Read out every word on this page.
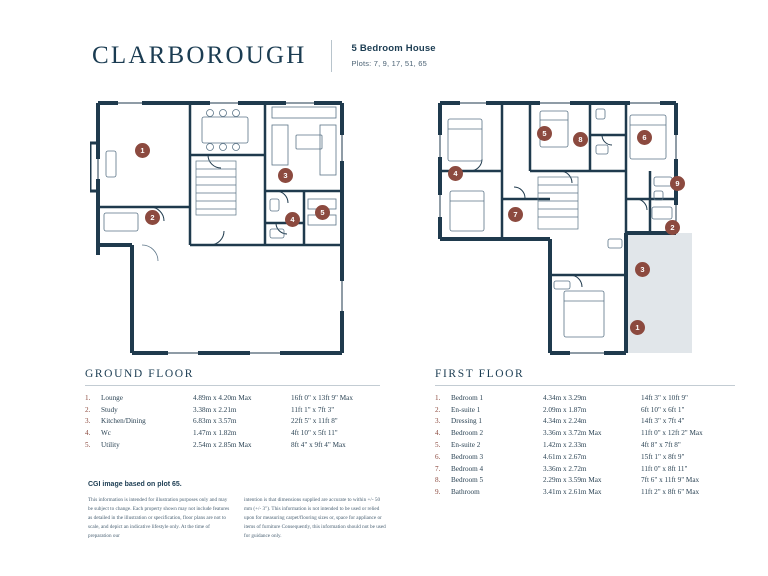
CLARBOROUGH	5 Bedroom House
Plots: 7, 9, 17, 51, 65
1
2
3
4
5
5
8	6
4
9
7
2
3
1
GROUND FLOOR
1.	Lounge	4.89m x 4.20m Max	16ft 0" x 13ft 9" Max
2.	Study	3.38m x 2.21m	11ft 1" x 7ft 3"
3.	Kitchen/Dining	6.83m x 3.57m	22ft 5" x 11ft 8"
4.	Wc	1.47m x 1.82m	4ft 10" x 5ft 11"
5.	Utility	2.54m x 2.85m Max	8ft 4" x 9ft 4" Max
FIRST FLOOR
1.	Bedroom 1	4.34m x 3.29m	14ft 3" x 10ft 9"
2.	En-suite 1	2.09m x 1.87m	6ft 10" x 6ft 1"
3.	Dressing 1	4.34m x 2.24m	14ft 3" x 7ft 4"
4.	Bedroom 2	3.36m x 3.72m Max	11ft 0" x 12ft 2" Max
5.	En-suite 2	1.42m x 2.33m	4ft 8" x 7ft 8"
6.	Bedroom 3	4.61m x 2.67m	15ft 1" x 8ft 9"
7.	Bedroom 4	3.36m x 2.72m	11ft 0" x 8ft 11"
8.	Bedroom 5	2.29m x 3.59m Max	7ft 6" x 11ft 9" Max
9.	Bathroom	3.41m x 2.61m Max	11ft 2" x 8ft 6" Max
CGI image based on plot 65.

This information is intended for illustration purposes only and may be subject to change. Each property shown may not include features as detailed in the illustration or specification, floor plans are not to scale, and depict an indicative lifestyle only. At the time of preparation our

intention is that dimensions supplied are accurate to within +/- 50 mm (+/- 3"). This information is not intended to be used or relied upon for measuring carpet/flooring sizes or, space for appliance or items of furniture Consequently, this information should not be used for guidance only.
